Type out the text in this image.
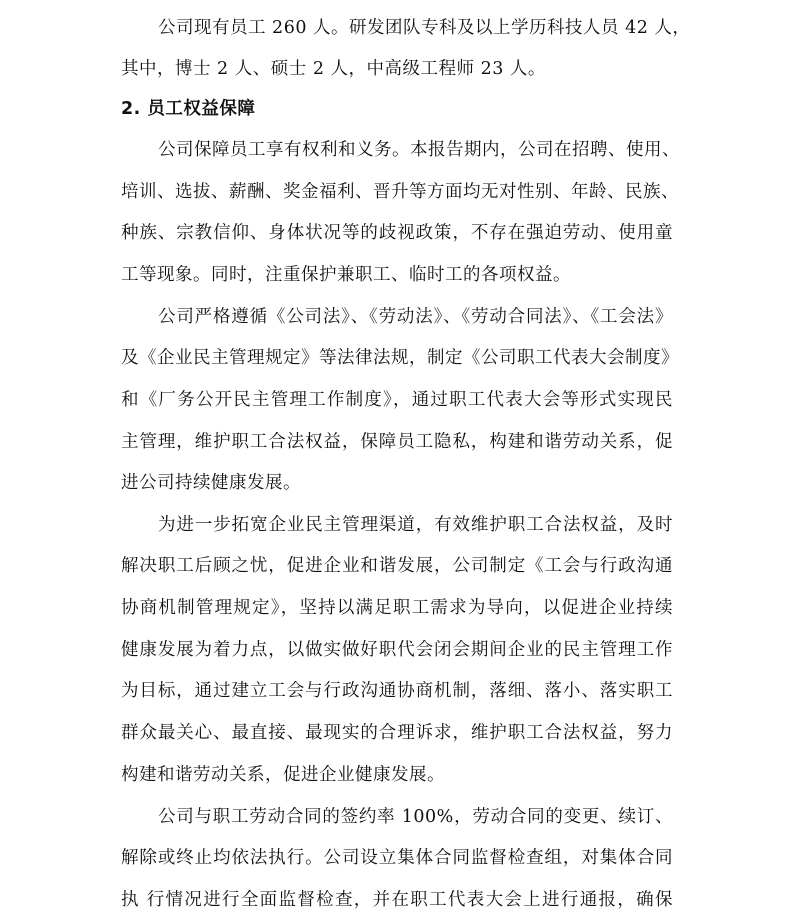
公司现有员工 260 人。研发团队专科及以上学历科技人员 42 人，
其中，博士 2 人、硕士 2 人，中高级工程师 23 人。
2. 员工权益保障
公司保障员工享有权利和义务。本报告期内，公司在招聘、使用、
培训、选拔、薪酬、奖金福利、晋升等方面均无对性别、年龄、民族、
种族、宗教信仰、身体状况等的歧视政策，不存在强迫劳动、使用童
工等现象。同时，注重保护兼职工、临时工的各项权益。
公司严格遵循《公司法》、《劳动法》、《劳动合同法》、《工会法》
及《企业民主管理规定》等法律法规，制定《公司职工代表大会制度》
和《厂务公开民主管理工作制度》，通过职工代表大会等形式实现民
主管理，维护职工合法权益，保障员工隐私，构建和谐劳动关系，促
进公司持续健康发展。
为进一步拓宽企业民主管理渠道，有效维护职工合法权益，及时
解决职工后顾之忧，促进企业和谐发展，公司制定《工会与行政沟通
协商机制管理规定》，坚持以满足职工需求为导向，以促进企业持续
健康发展为着力点，以做实做好职代会闭会期间企业的民主管理工作
为目标，通过建立工会与行政沟通协商机制，落细、落小、落实职工
群众最关心、最直接、最现实的合理诉求，维护职工合法权益，努力
构建和谐劳动关系，促进企业健康发展。
公司与职工劳动合同的签约率 100%，劳动合同的变更、续订、
解除或终止均依法执行。公司设立集体合同监督检查组，对集体合同
执 行情况进行全面监督检查，并在职工代表大会上进行通报，确保
